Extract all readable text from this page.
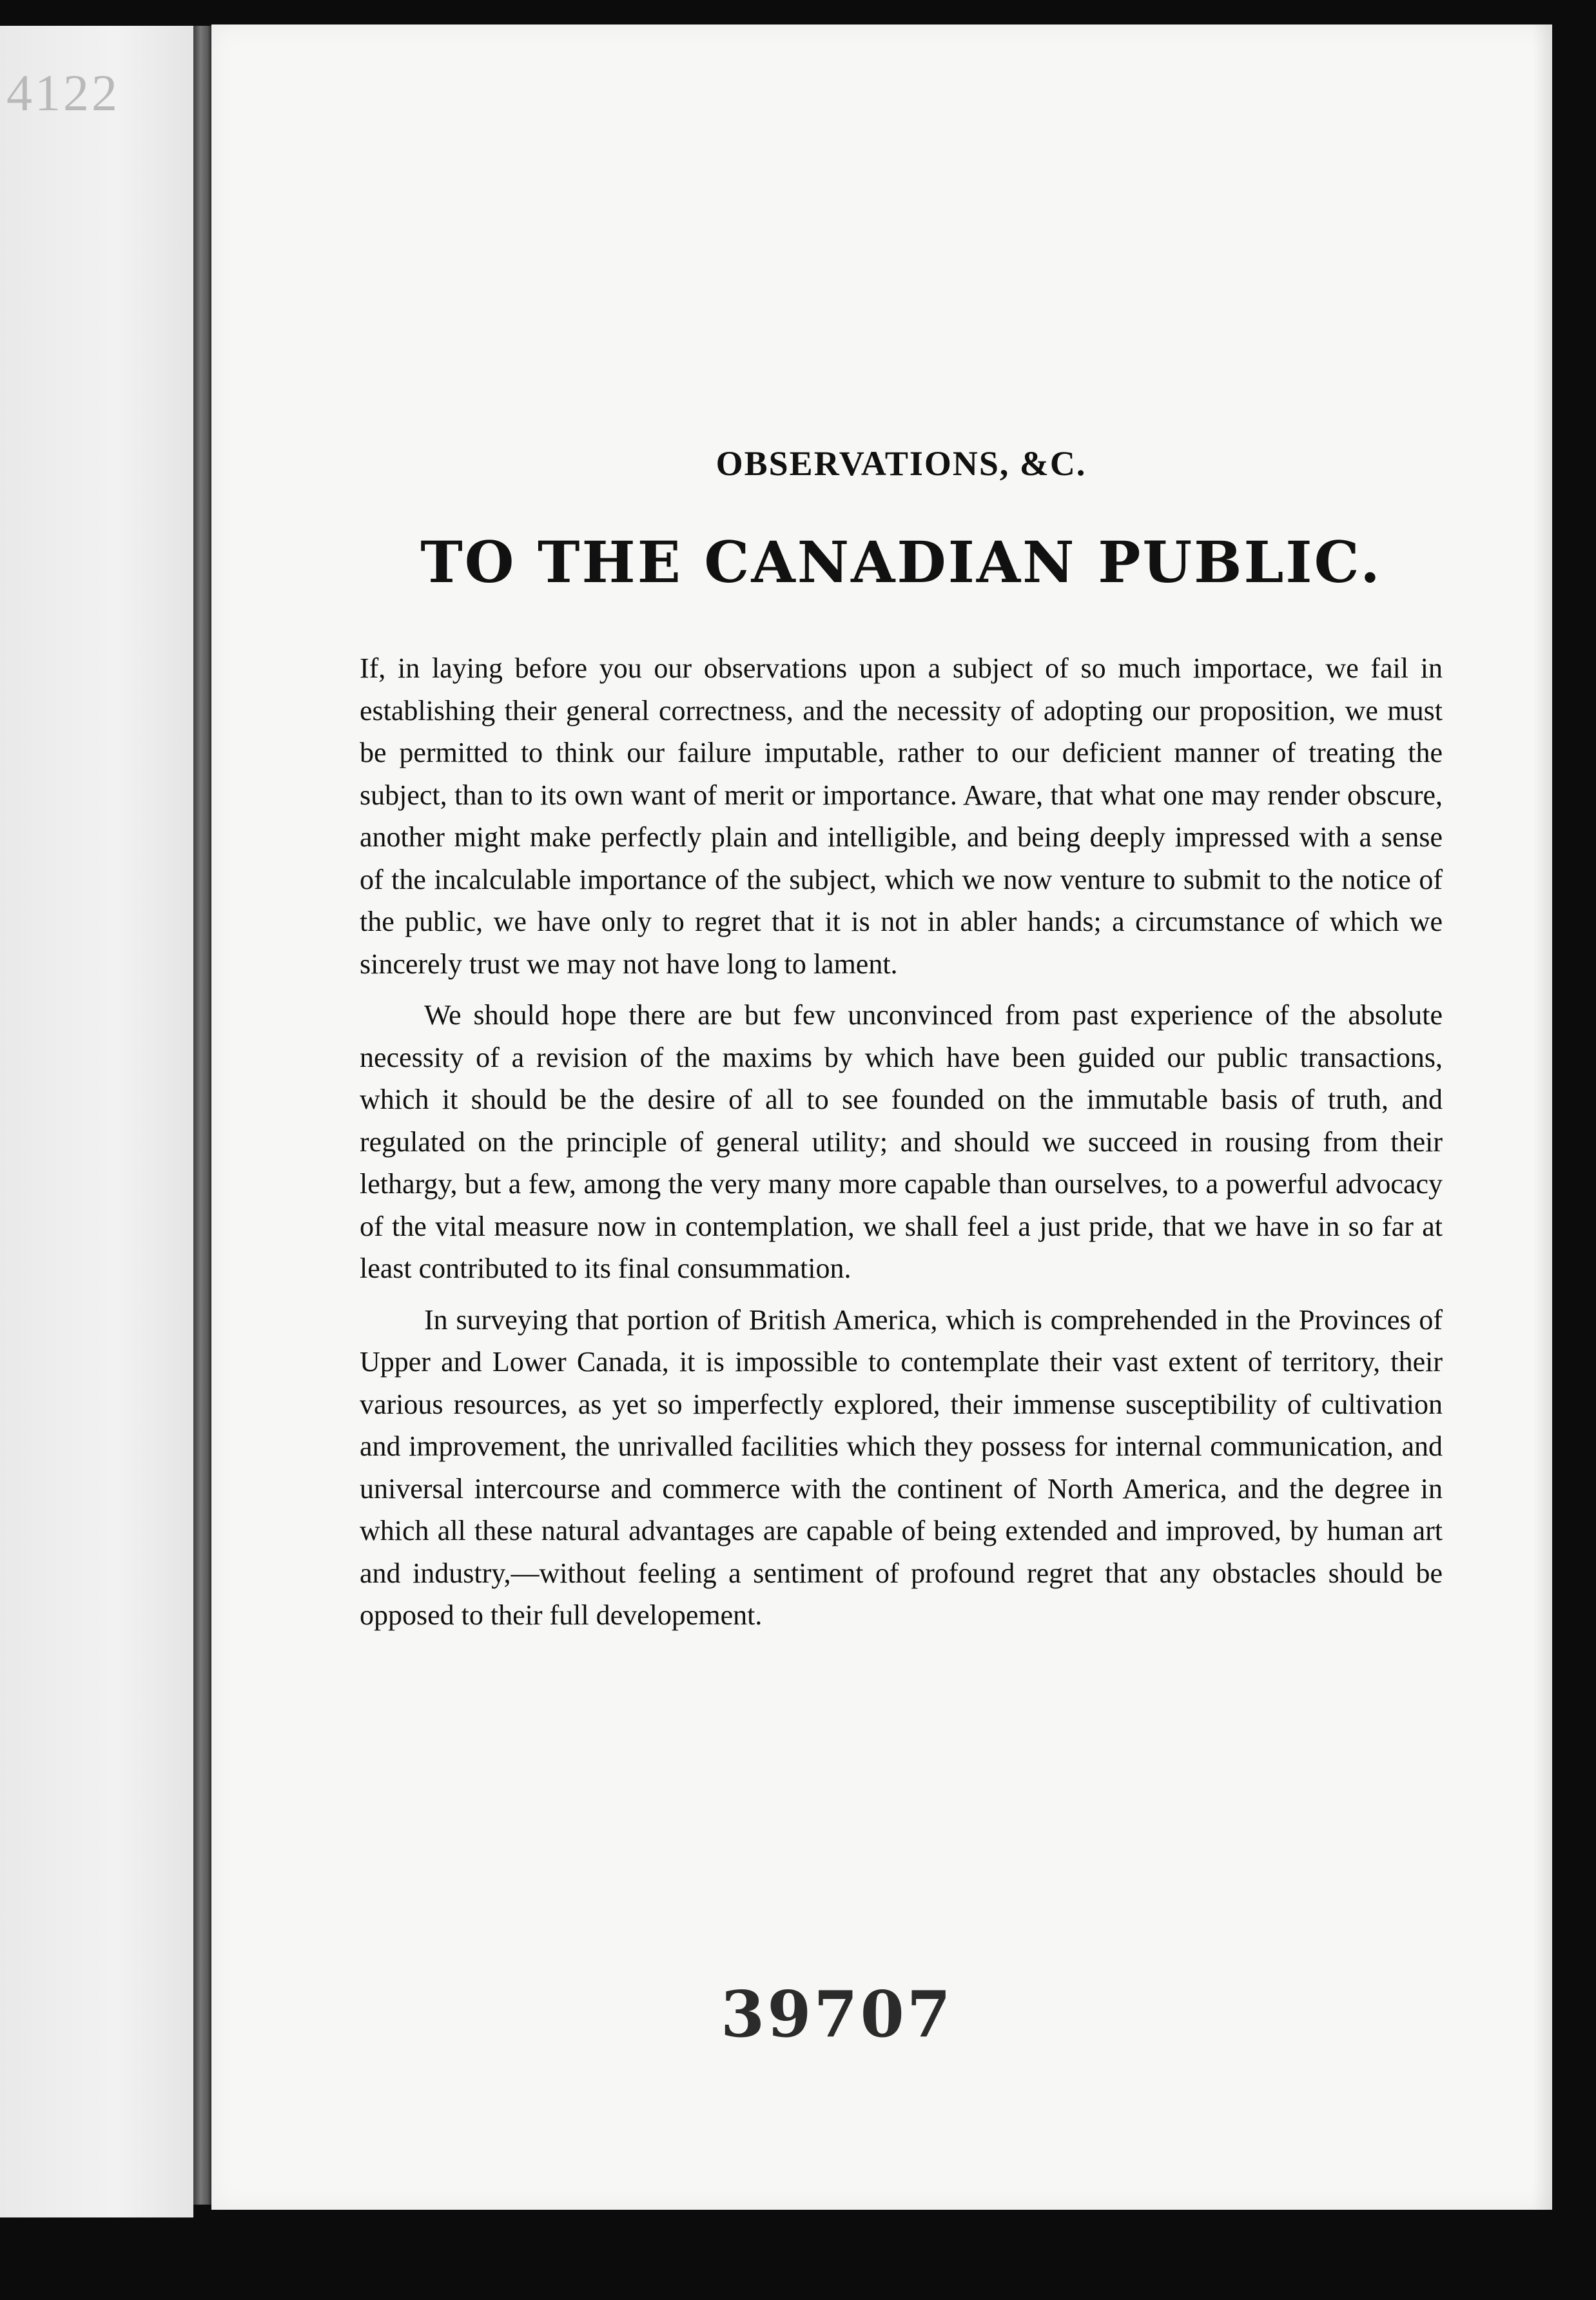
4122
OBSERVATIONS, &C.
TO THE CANADIAN PUBLIC.

If, in laying before you our observations upon a subject of so much importace, we fail in establishing their general correctness, and the necessity of adopting our proposition, we must be permitted to think our failure imputable, rather to our deficient manner of treating the subject, than to its own want of merit or importance. Aware, that what one may render obscure, another might make perfectly plain and intelligible, and being deeply impressed with a sense of the incalculable importance of the subject, which we now venture to submit to the notice of the public, we have only to regret that it is not in abler hands; a circumstance of which we sincerely trust we may not have long to lament.

We should hope there are but few unconvinced from past experience of the absolute necessity of a revision of the maxims by which have been guided our public transactions, which it should be the desire of all to see founded on the immutable basis of truth, and regulated on the principle of general utility; and should we succeed in rousing from their lethargy, but a few, among the very many more capable than ourselves, to a powerful advocacy of the vital measure now in contemplation, we shall feel a just pride, that we have in so far at least contributed to its final consummation.

In surveying that portion of British America, which is comprehended in the Provinces of Upper and Lower Canada, it is impossible to contemplate their vast extent of territory, their various resources, as yet so imperfectly explored, their immense susceptibility of cultivation and improvement, the unrivalled facilities which they possess for internal communication, and universal intercourse and commerce with the continent of North America, and the degree in which all these natural advantages are capable of being extended and improved, by human art and industry,—without feeling a sentiment of profound regret that any obstacles should be opposed to their full developement.

39707
